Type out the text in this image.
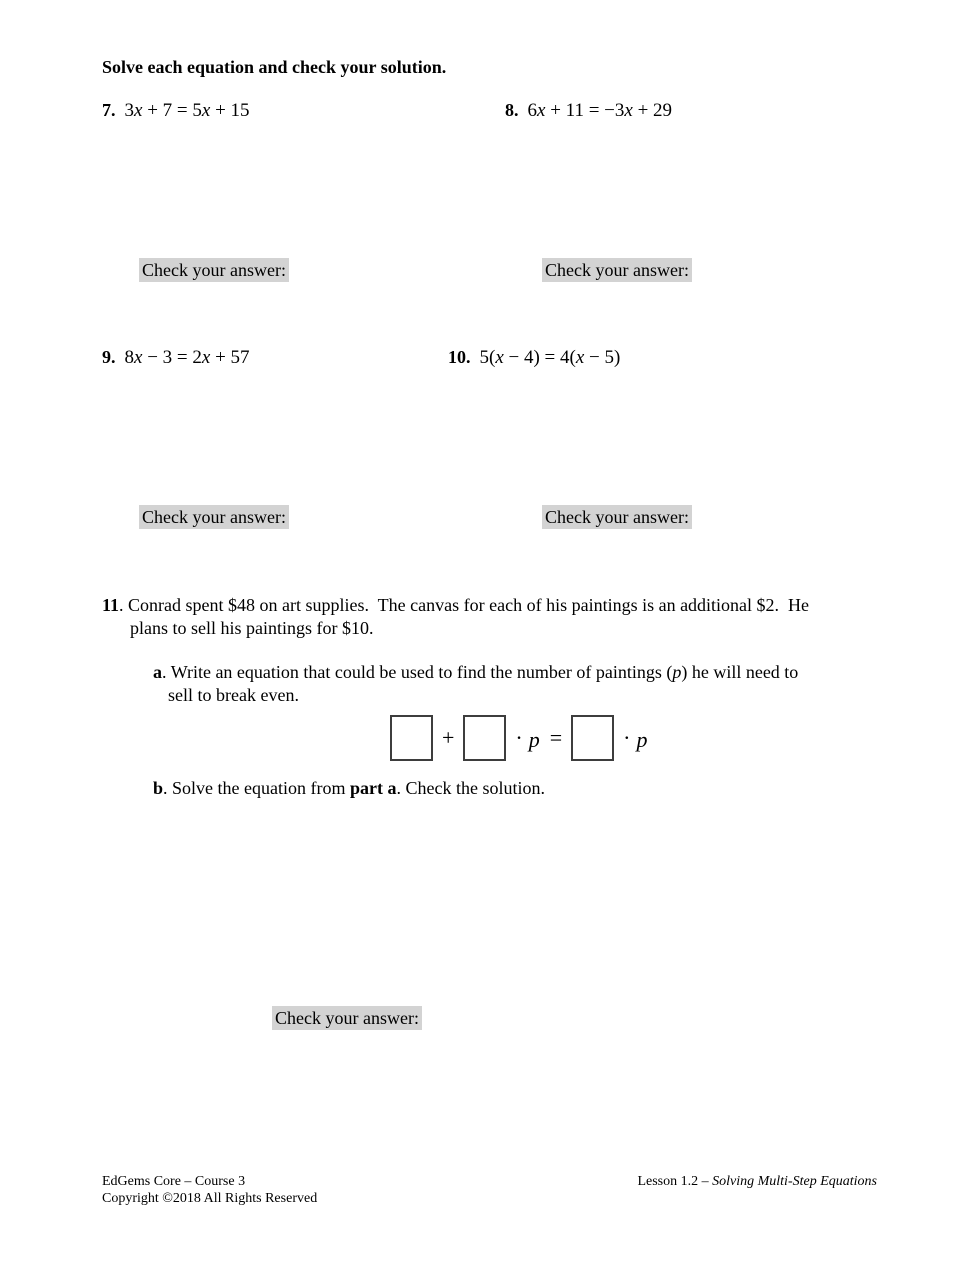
Solve each equation and check your solution.
7. 3x + 7 = 5x + 15	8. 6x + 11 = −3x + 29
Check your answer:	Check your answer:
9. 8x − 3 = 2x + 57	10. 5(x − 4) = 4(x − 5)
Check your answer:	Check your answer:
11. Conrad spent $48 on art supplies.  The canvas for each of his paintings is an additional $2.  He
plans to sell his paintings for $10.
a. Write an equation that could be used to find the number of paintings (p) he will need to
sell to break even.
+	· p =	· p
b. Solve the equation from part a. Check the solution.
Check your answer:
EdGems Core – Course 3
Copyright ©2018 All Rights Reserved
Lesson 1.2 – Solving Multi-Step Equations
